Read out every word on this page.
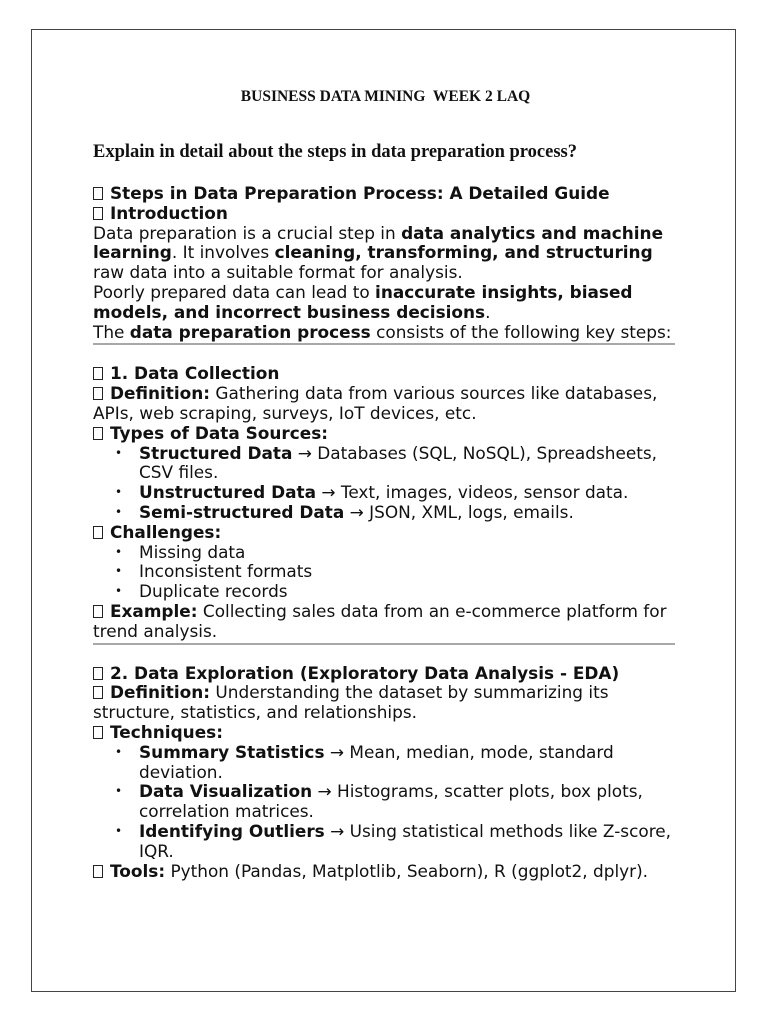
BUSINESS DATA MINING  WEEK 2 LAQ
Explain in detail about the steps in data preparation process?

Steps in Data Preparation Process: A Detailed Guide

Introduction

Data preparation is a crucial step in data analytics and machine learning. It involves cleaning, transforming, and structuring raw data into a suitable format for analysis.

Poorly prepared data can lead to inaccurate insights, biased models, and incorrect business decisions.

The data preparation process consists of the following key steps:

1. Data Collection

Definition: Gathering data from various sources like databases, APIs, web scraping, surveys, IoT devices, etc.

Types of Data Sources:

• Structured Data → Databases (SQL, NoSQL), Spreadsheets, CSV files.
• Unstructured Data → Text, images, videos, sensor data.
• Semi-structured Data → JSON, XML, logs, emails.

Challenges:

• Missing data
• Inconsistent formats
• Duplicate records

Example: Collecting sales data from an e-commerce platform for trend analysis.

2. Data Exploration (Exploratory Data Analysis - EDA)

Definition: Understanding the dataset by summarizing its structure, statistics, and relationships.

Techniques:

• Summary Statistics → Mean, median, mode, standard deviation.
• Data Visualization → Histograms, scatter plots, box plots, correlation matrices.
• Identifying Outliers → Using statistical methods like Z-score, IQR.

Tools: Python (Pandas, Matplotlib, Seaborn), R (ggplot2, dplyr).
